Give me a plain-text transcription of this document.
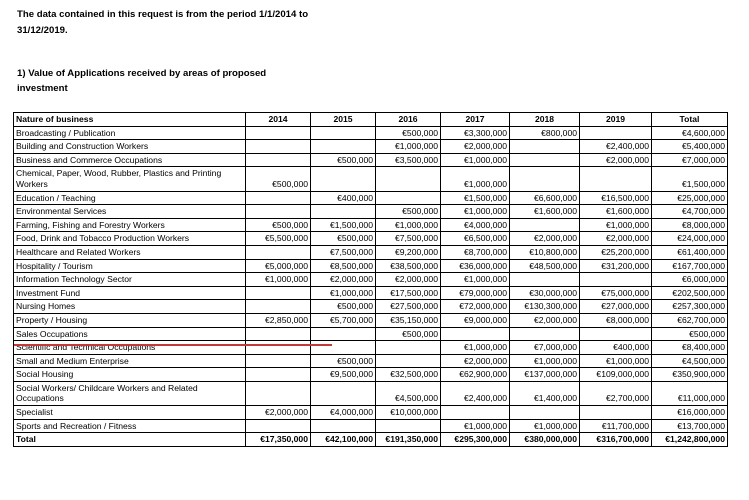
The data contained in this request is from the period 1/1/2014 to 31/12/2019.
1) Value of Applications received by areas of proposed investment
Nature of business	2014	2015	2016	2017	2018	2019	Total
Broadcasting / Publication			€500,000	€3,300,000	€800,000		€4,600,000
Building and Construction Workers			€1,000,000	€2,000,000		€2,400,000	€5,400,000
Business and Commerce Occupations		€500,000	€3,500,000	€1,000,000		€2,000,000	€7,000,000
Chemical, Paper, Wood, Rubber, Plastics and Printing Workers	€500,000			€1,000,000			€1,500,000
Education / Teaching		€400,000		€1,500,000	€6,600,000	€16,500,000	€25,000,000
Environmental Services			€500,000	€1,000,000	€1,600,000	€1,600,000	€4,700,000
Farming, Fishing and Forestry Workers	€500,000	€1,500,000	€1,000,000	€4,000,000		€1,000,000	€8,000,000
Food, Drink and Tobacco Production Workers	€5,500,000	€500,000	€7,500,000	€6,500,000	€2,000,000	€2,000,000	€24,000,000
Healthcare and Related Workers		€7,500,000	€9,200,000	€8,700,000	€10,800,000	€25,200,000	€61,400,000
Hospitality / Tourism	€5,000,000	€8,500,000	€38,500,000	€36,000,000	€48,500,000	€31,200,000	€167,700,000
Information Technology Sector	€1,000,000	€2,000,000	€2,000,000	€1,000,000			€6,000,000
Investment Fund		€1,000,000	€17,500,000	€79,000,000	€30,000,000	€75,000,000	€202,500,000
Nursing Homes		€500,000	€27,500,000	€72,000,000	€130,300,000	€27,000,000	€257,300,000
Property / Housing	€2,850,000	€5,700,000	€35,150,000	€9,000,000	€2,000,000	€8,000,000	€62,700,000
Sales Occupations			€500,000				€500,000
Scientific and Technical Occupations				€1,000,000	€7,000,000	€400,000	€8,400,000
Small and Medium Enterprise		€500,000		€2,000,000	€1,000,000	€1,000,000	€4,500,000
Social Housing		€9,500,000	€32,500,000	€62,900,000	€137,000,000	€109,000,000	€350,900,000
Social Workers/ Childcare Workers and Related Occupations			€4,500,000	€2,400,000	€1,400,000	€2,700,000	€11,000,000
Specialist	€2,000,000	€4,000,000	€10,000,000				€16,000,000
Sports and Recreation / Fitness				€1,000,000	€1,000,000	€11,700,000	€13,700,000
Total	€17,350,000	€42,100,000	€191,350,000	€295,300,000	€380,000,000	€316,700,000	€1,242,800,000
